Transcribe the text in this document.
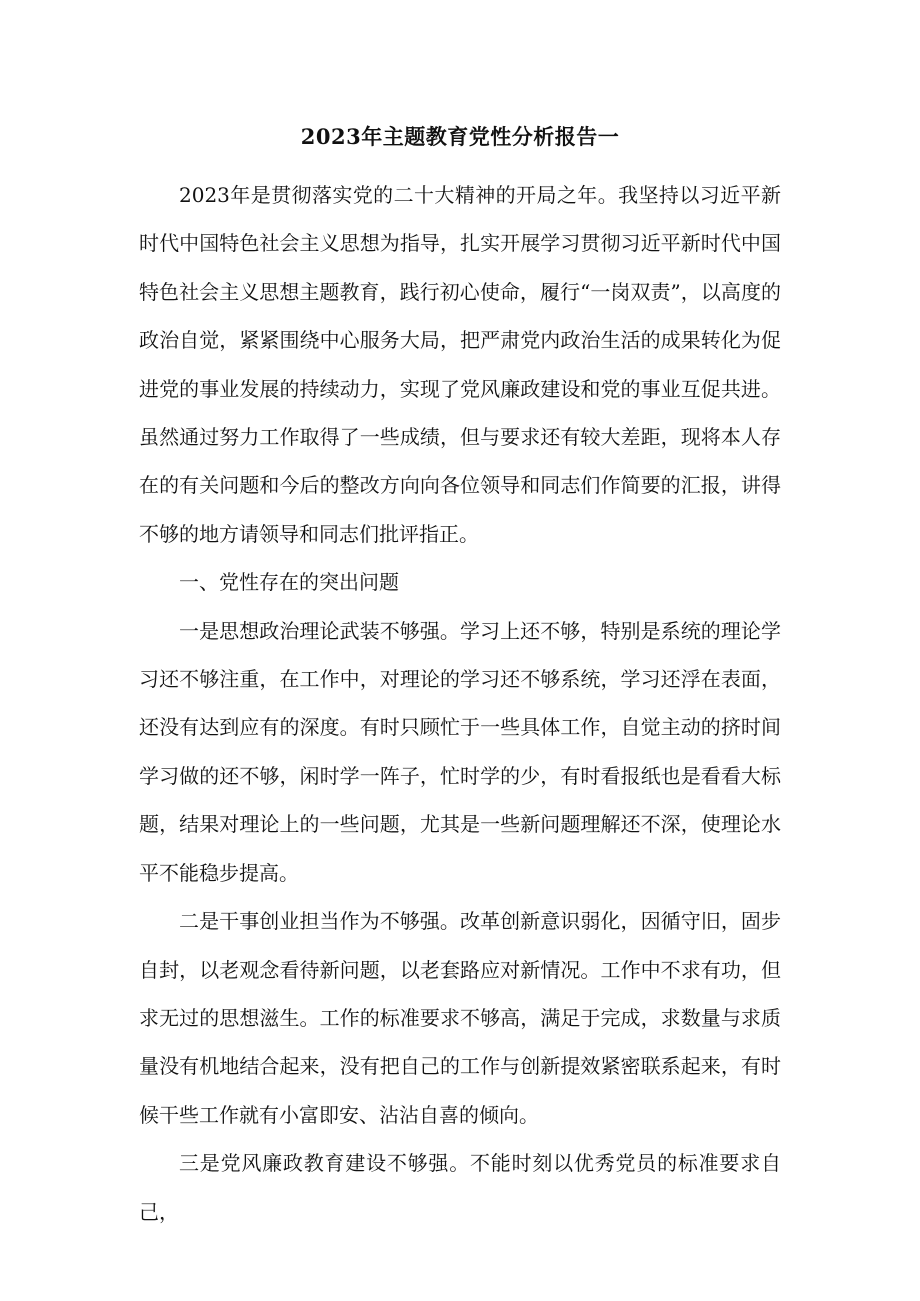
2023年主题教育党性分析报告一

2023年是贯彻落实党的二十大精神的开局之年。我坚持以习近平新时代中国特色社会主义思想为指导，扎实开展学习贯彻习近平新时代中国特色社会主义思想主题教育，践行初心使命，履行“一岗双责”，以高度的政治自觉，紧紧围绕中心服务大局，把严肃党内政治生活的成果转化为促进党的事业发展的持续动力，实现了党风廉政建设和党的事业互促共进。虽然通过努力工作取得了一些成绩，但与要求还有较大差距，现将本人存在的有关问题和今后的整改方向向各位领导和同志们作简要的汇报，讲得不够的地方请领导和同志们批评指正。

一、党性存在的突出问题

一是思想政治理论武装不够强。学习上还不够，特别是系统的理论学习还不够注重，在工作中，对理论的学习还不够系统，学习还浮在表面，还没有达到应有的深度。有时只顾忙于一些具体工作，自觉主动的挤时间学习做的还不够，闲时学一阵子，忙时学的少，有时看报纸也是看看大标题，结果对理论上的一些问题，尤其是一些新问题理解还不深，使理论水平不能稳步提高。

二是干事创业担当作为不够强。改革创新意识弱化，因循守旧，固步自封，以老观念看待新问题，以老套路应对新情况。工作中不求有功，但求无过的思想滋生。工作的标准要求不够高，满足于完成，求数量与求质量没有机地结合起来，没有把自己的工作与创新提效紧密联系起来，有时候干些工作就有小富即安、沾沾自喜的倾向。

三是党风廉政教育建设不够强。不能时刻以优秀党员的标准要求自己，
